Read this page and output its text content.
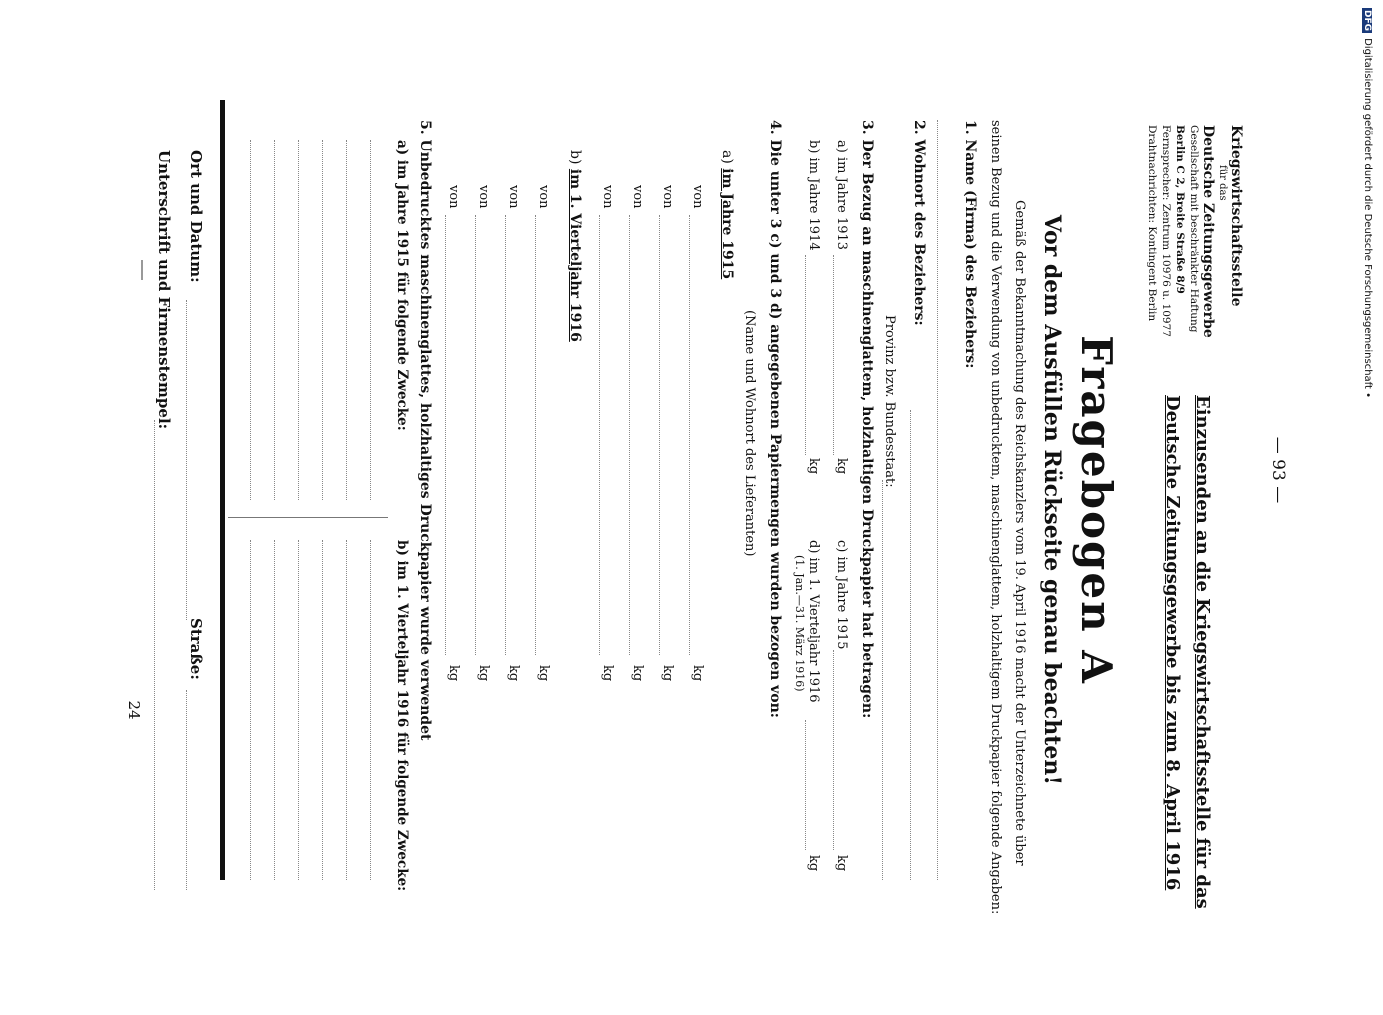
— 93 —
Kriegswirtschaftsstelle
für das
Deutsche Zeitungsgewerbe
Gesellschaft mit beschränkter Haftung
Berlin C 2, Breite Straße 8/9
Fernsprecher: Zentrum 10976 u. 10977
Drahtnachrichten: Kontingent Berlin
Einzusenden an die Kriegswirtschaftsstelle für das
Deutsche Zeitungsgewerbe bis zum 8. April 1916
Fragebogen A
Vor dem Ausfüllen Rückseite genau beachten!
Gemäß der Bekanntmachung des Reichskanzlers vom 19. April 1916 macht der Unterzeichnete über
seinen Bezug und die Verwendung von unbedrucktem, maschinenglattem, holzhaltigem Druckpapier folgende Angaben:
1. Name (Firma) des Beziehers:
2. Wohnort des Beziehers:
Provinz bzw. Bundesstaat:
3. Der Bezug an maschinenglattem, holzhaltigen Druckpapier hat betragen:
a) im Jahre 1913
kg
c) im Jahre 1915
kg
b) im Jahre 1914
kg
d) im 1. Vierteljahr 1916
(1. Jan.—31. März 1916)
kg
4. Die unter 3 c) und 3 d) angegebenen Papiermengen wurden bezogen von:
(Name und Wohnort des Lieferanten)
a) im Jahre 1915
b) im 1. Vierteljahr 1916
5. Unbedrucktes maschinenglattes, holzhaltiges Druckpapier wurde verwendet
a) im Jahre 1915 für folgende Zwecke:
b) im 1. Vierteljahr 1916 für folgende Zwecke:
Ort und Datum:
Straße:
Unterschrift und Firmenstempel:
24
von
kg
von
kg
von
kg
von
kg
von
kg
von
kg
von
kg
von
kg
DFG Digitalisierung gefördert durch die Deutsche Forschungsgemeinschaft •
